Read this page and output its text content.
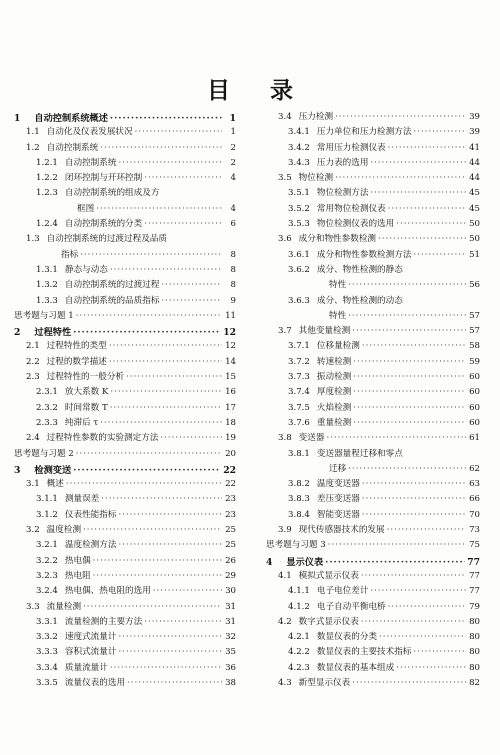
目 录
1 自动控制系统概述 ·····	1
1.1 自动化及仪表发展状况 ·····	1
1.2 自动控制系统 ·····	2
1.2.1 自动控制系统 ·····	2
1.2.2 闭环控制与开环控制 ·····	4
1.2.3 自动控制系统的组成及方
框图 ·····	4
1.2.4 自动控制系统的分类 ·····	6
1.3 自动控制系统的过渡过程及品质
指标 ·····	8
1.3.1 静态与动态 ·····	8
1.3.2 自动控制系统的过渡过程 ·····	8
1.3.3 自动控制系统的品质指标 ·····	9
思考题与习题 1 ·····	11
2 过程特性 ·····	12
2.1 过程特性的类型 ·····	12
2.2 过程的数学描述 ·····	14
2.3 过程特性的一般分析 ·····	15
2.3.1 放大系数 K ·····	16
2.3.2 时间常数 T ·····	17
2.3.3 纯滞后 τ ·····	18
2.4 过程特性参数的实验测定方法 ·····	19
思考题与习题 2 ·····	20
3 检测变送 ·····	22
3.1 概述 ·····	22
3.1.1 测量误差 ·····	23
3.1.2 仪表性能指标 ·····	23
3.2 温度检测 ·····	25
3.2.1 温度检测方法 ·····	25
3.2.2 热电偶 ·····	26
3.2.3 热电阻 ·····	29
3.2.4 热电偶、热电阻的选用 ·····	30
3.3 流量检测 ·····	31
3.3.1 流量检测的主要方法 ·····	31
3.3.2 速度式流量计 ·····	32
3.3.3 容积式流量计 ·····	35
3.3.4 质量流量计 ·····	36
3.3.5 流量仪表的选用 ·····	38
3.4 压力检测 ·····	39
3.4.1 压力单位和压力检测方法 ·····	39
3.4.2 常用压力检测仪表 ·····	41
3.4.3 压力表的选用 ·····	44
3.5 物位检测 ·····	44
3.5.1 物位检测方法 ·····	45
3.5.2 常用物位检测仪表 ·····	45
3.5.3 物位检测仪表的选用 ·····	50
3.6 成分和物性参数检测 ·····	50
3.6.1 成分和物性参数检测方法 ·····	51
3.6.2 成分、物性检测的静态
特性 ·····	56
3.6.3 成分、物性检测的动态
特性 ·····	57
3.7 其他变量检测 ·····	57
3.7.1 位移量检测 ·····	58
3.7.2 转速检测 ·····	59
3.7.3 振动检测 ·····	60
3.7.4 厚度检测 ·····	60
3.7.5 火焰检测 ·····	60
3.7.6 重量检测 ·····	60
3.8 变送器 ·····	61
3.8.1 变送器量程迁移和零点
迁移 ·····	62
3.8.2 温度变送器 ·····	63
3.8.3 差压变送器 ·····	66
3.8.4 智能变送器 ·····	70
3.9 现代传感器技术的发展 ·····	73
思考题与习题 3 ·····	75
4 显示仪表 ·····	77
4.1 模拟式显示仪表 ·····	77
4.1.1 电子电位差计 ·····	77
4.1.2 电子自动平衡电桥 ·····	79
4.2 数字式显示仪表 ·····	80
4.2.1 数显仪表的分类 ·····	80
4.2.2 数显仪表的主要技术指标 ·····	80
4.2.3 数显仪表的基本组成 ·····	80
4.3 新型显示仪表 ·····	82
